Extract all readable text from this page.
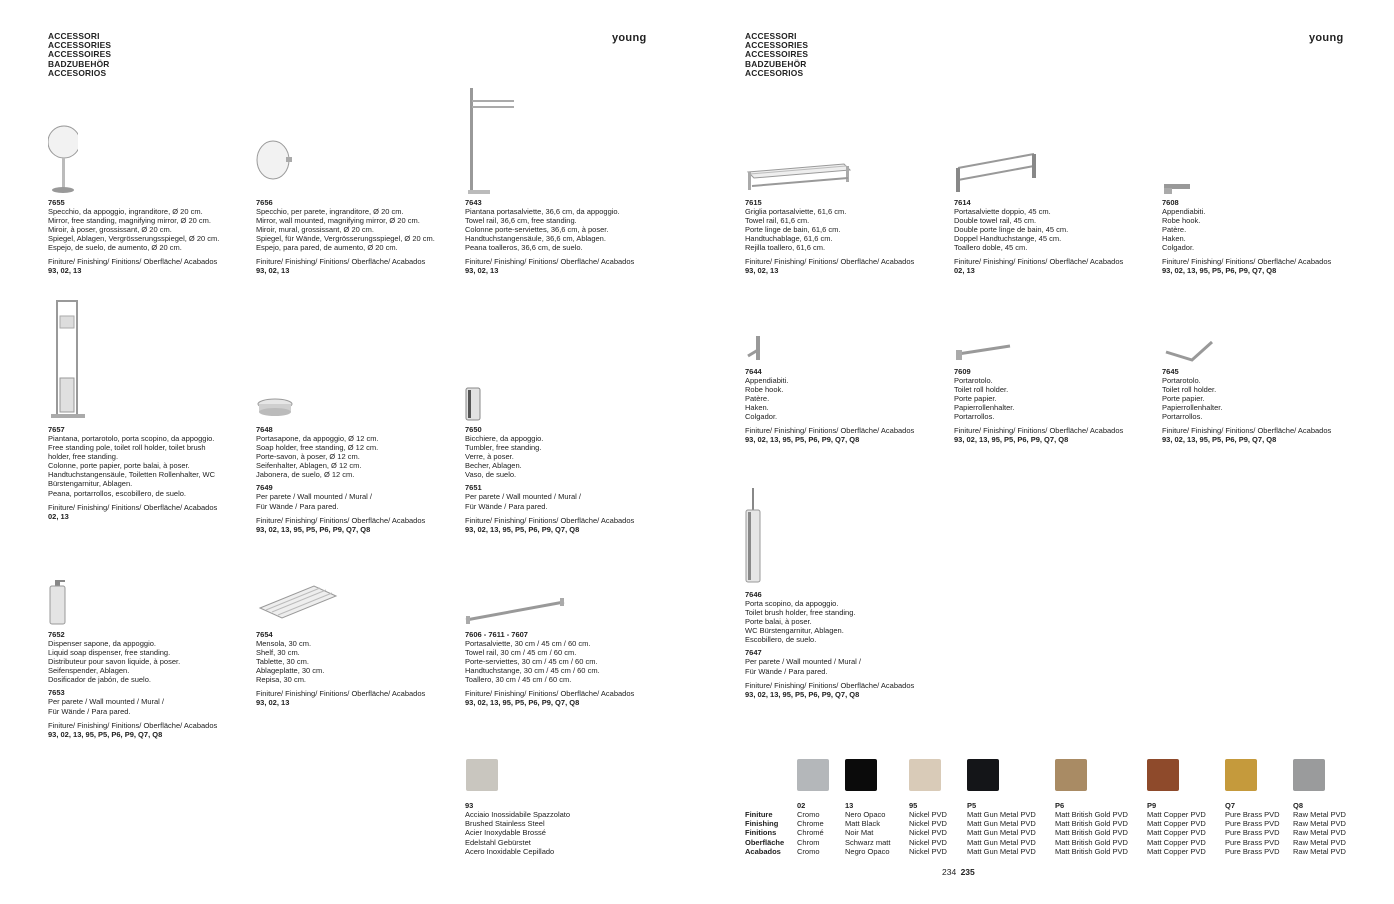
ACCESSORI
ACCESSORIES
ACCESSOIRES
BADZUBEHÖR
ACCESORIOS
young
7655
Specchio, da appoggio, ingranditore, Ø 20 cm.
Mirror, free standing, magnifying mirror, Ø 20 cm.
Miroir, à poser, grossissant, Ø 20 cm.
Spiegel, Ablagen, Vergrösserungsspiegel, Ø 20 cm.
Espejo, de suelo, de aumento, Ø 20 cm.
Finiture/ Finishing/ Finitions/ Oberfläche/ Acabados
93, 02, 13
7656
Specchio, per parete, ingranditore, Ø 20 cm.
Mirror, wall mounted, magnifying mirror, Ø 20 cm.
Miroir, mural, grossissant, Ø 20 cm.
Spiegel, für Wände, Vergrösserungsspiegel, Ø 20 cm.
Espejo, para pared, de aumento, Ø 20 cm.
Finiture/ Finishing/ Finitions/ Oberfläche/ Acabados
93, 02, 13
7643
Piantana portasalviette, 36,6 cm, da appoggio.
Towel rail, 36,6 cm, free standing.
Colonne porte-serviettes, 36,6 cm, à poser.
Handtuchstangensäule, 36,6 cm, Ablagen.
Peana toalleros, 36,6 cm, de suelo.
Finiture/ Finishing/ Finitions/ Oberfläche/ Acabados
93, 02, 13
7657
Piantana, portarotolo, porta scopino, da appoggio.
Free standing pole, toilet roll holder, toilet brush
holder, free standing.
Colonne, porte papier, porte balai, à poser.
Handtuchstangensäule, Toiletten Rollenhalter, WC
Bürstengarnitur, Ablagen.
Peana, portarrollos, escobillero, de suelo.
Finiture/ Finishing/ Finitions/ Oberfläche/ Acabados
02, 13
7648
Portasapone, da appoggio, Ø 12 cm.
Soap holder, free standing, Ø 12 cm.
Porte-savon, à poser, Ø 12 cm.
Seifenhalter, Ablagen, Ø 12 cm.
Jabonera, de suelo, Ø 12 cm.
7649
Per parete / Wall mounted / Mural /
Für Wände / Para pared.
Finiture/ Finishing/ Finitions/ Oberfläche/ Acabados
93, 02, 13, 95, P5, P6, P9, Q7, Q8
7650
Bicchiere, da appoggio.
Tumbler, free standing.
Verre, à poser.
Becher, Ablagen.
Vaso, de suelo.
7651
Per parete / Wall mounted / Mural /
Für Wände / Para pared.
Finiture/ Finishing/ Finitions/ Oberfläche/ Acabados
93, 02, 13, 95, P5, P6, P9, Q7, Q8
7652
Dispenser sapone, da appoggio.
Liquid soap dispenser, free standing.
Distributeur pour savon liquide, à poser.
Seifenspender, Ablagen.
Dosificador de jabón, de suelo.
7653
Per parete / Wall mounted / Mural /
Für Wände / Para pared.
Finiture/ Finishing/ Finitions/ Oberfläche/ Acabados
93, 02, 13, 95, P5, P6, P9, Q7, Q8
7654
Mensola, 30 cm.
Shelf, 30 cm.
Tablette, 30 cm.
Ablageplatte, 30 cm.
Repisa, 30 cm.
Finiture/ Finishing/ Finitions/ Oberfläche/ Acabados
93, 02, 13
7606 - 7611 - 7607
Portasalviette, 30 cm / 45 cm / 60 cm.
Towel rail, 30 cm / 45 cm / 60 cm.
Porte-serviettes, 30 cm / 45 cm / 60 cm.
Handtuchstange, 30 cm / 45 cm / 60 cm.
Toallero, 30 cm / 45 cm / 60 cm.
Finiture/ Finishing/ Finitions/ Oberfläche/ Acabados
93, 02, 13, 95, P5, P6, P9, Q7, Q8
93
Acciaio Inossidabile Spazzolato
Brushed Stainless Steel
Acier Inoxydable Brossé
Edelstahl Gebürstet
Acero Inoxidable Cepillado
ACCESSORI
ACCESSORIES
ACCESSOIRES
BADZUBEHÖR
ACCESORIOS
young
7615
Griglia portasalviette, 61,6 cm.
Towel rail, 61,6 cm.
Porte linge de bain, 61,6 cm.
Handtuchablage, 61,6 cm.
Rejilla toallero, 61,6 cm.
Finiture/ Finishing/ Finitions/ Oberfläche/ Acabados
93, 02, 13
7614
Portasalviette doppio, 45 cm.
Double towel rail, 45 cm.
Double porte linge de bain, 45 cm.
Doppel Handtuchstange, 45 cm.
Toallero doble, 45 cm.
Finiture/ Finishing/ Finitions/ Oberfläche/ Acabados
02, 13
7608
Appendiabiti.
Robe hook.
Patère.
Haken.
Colgador.
Finiture/ Finishing/ Finitions/ Oberfläche/ Acabados
93, 02, 13, 95, P5, P6, P9, Q7, Q8
7644
Appendiabiti.
Robe hook.
Patère.
Haken.
Colgador.
Finiture/ Finishing/ Finitions/ Oberfläche/ Acabados
93, 02, 13, 95, P5, P6, P9, Q7, Q8
7609
Portarotolo.
Toilet roll holder.
Porte papier.
Papierrollenhalter.
Portarrollos.
Finiture/ Finishing/ Finitions/ Oberfläche/ Acabados
93, 02, 13, 95, P5, P6, P9, Q7, Q8
7645
Portarotolo.
Toilet roll holder.
Porte papier.
Papierrollenhalter.
Portarrollos.
Finiture/ Finishing/ Finitions/ Oberfläche/ Acabados
93, 02, 13, 95, P5, P6, P9, Q7, Q8
7646
Porta scopino, da appoggio.
Toilet brush holder, free standing.
Porte balai, à poser.
WC Bürstengarnitur, Ablagen.
Escobillero, de suelo.
7647
Per parete / Wall mounted / Mural /
Für Wände / Para pared.
Finiture/ Finishing/ Finitions/ Oberfläche/ Acabados
93, 02, 13, 95, P5, P6, P9, Q7, Q8
Finiture
Finishing
Finitions
Oberfläche
Acabados
02
Cromo
Chrome
Chromé
Chrom
Cromo
13
Nero Opaco
Matt Black
Noir Mat
Schwarz matt
Negro Opaco
95
Nickel PVD
Nickel PVD
Nickel PVD
Nickel PVD
Nickel PVD
P5
Matt Gun Metal PVD
Matt Gun Metal PVD
Matt Gun Metal PVD
Matt Gun Metal PVD
Matt Gun Metal PVD
P6
Matt British Gold PVD
Matt British Gold PVD
Matt British Gold PVD
Matt British Gold PVD
Matt British Gold PVD
P9
Matt Copper PVD
Matt Copper PVD
Matt Copper PVD
Matt Copper PVD
Matt Copper PVD
Q7
Pure Brass PVD
Pure Brass PVD
Pure Brass PVD
Pure Brass PVD
Pure Brass PVD
Q8
Raw Metal PVD
Raw Metal PVD
Raw Metal PVD
Raw Metal PVD
Raw Metal PVD
234 235
